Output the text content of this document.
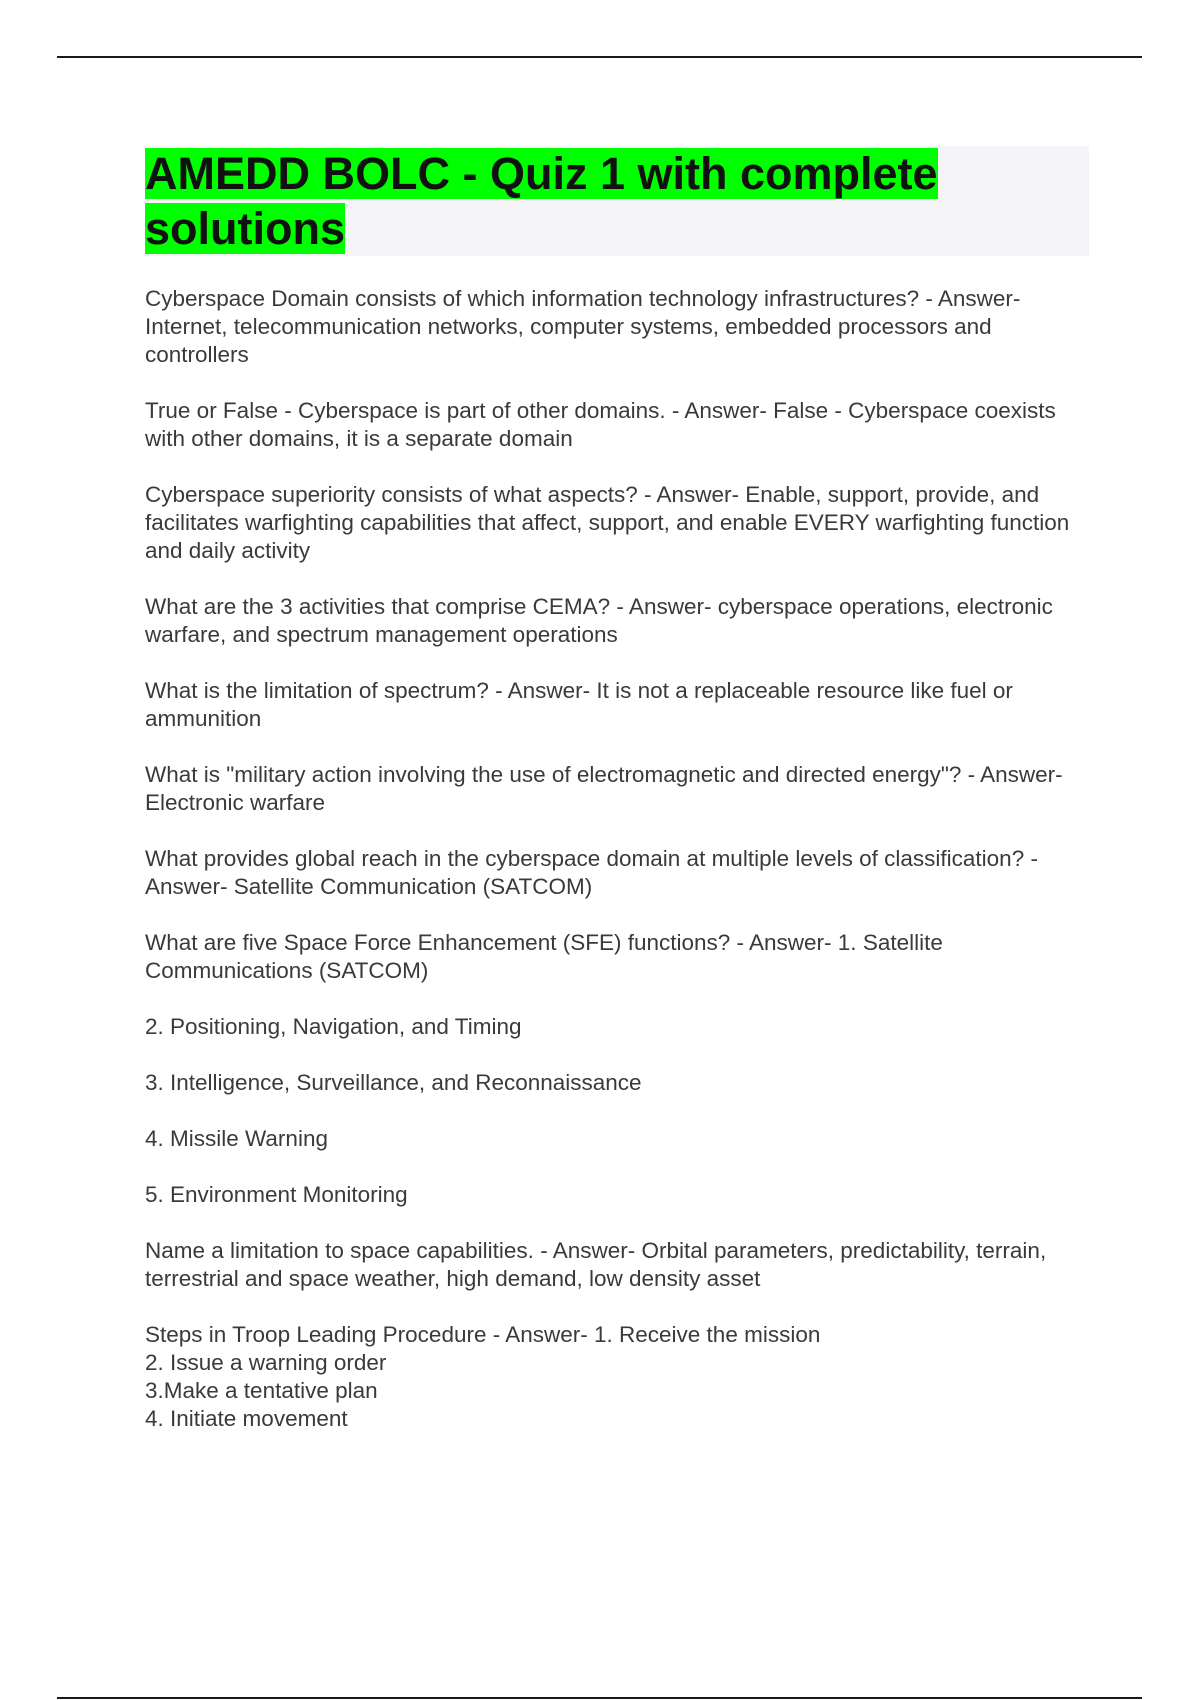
AMEDD BOLC - Quiz 1 with complete solutions

Cyberspace Domain consists of which information technology infrastructures? - Answer- Internet, telecommunication networks, computer systems, embedded processors and controllers

True or False - Cyberspace is part of other domains. - Answer- False - Cyberspace coexists with other domains, it is a separate domain

Cyberspace superiority consists of what aspects? - Answer- Enable, support, provide, and facilitates warfighting capabilities that affect, support, and enable EVERY warfighting function and daily activity

What are the 3 activities that comprise CEMA? - Answer- cyberspace operations, electronic warfare, and spectrum management operations

What is the limitation of spectrum? - Answer- It is not a replaceable resource like fuel or ammunition

What is "military action involving the use of electromagnetic and directed energy"? - Answer- Electronic warfare

What provides global reach in the cyberspace domain at multiple levels of classification? - Answer- Satellite Communication (SATCOM)

What are five Space Force Enhancement (SFE) functions? - Answer- 1. Satellite Communications (SATCOM)

2. Positioning, Navigation, and Timing

3. Intelligence, Surveillance, and Reconnaissance

4. Missile Warning

5. Environment Monitoring

Name a limitation to space capabilities. - Answer- Orbital parameters, predictability, terrain, terrestrial and space weather, high demand, low density asset

Steps in Troop Leading Procedure - Answer- 1. Receive the mission
2. Issue a warning order
3.Make a tentative plan
4. Initiate movement
